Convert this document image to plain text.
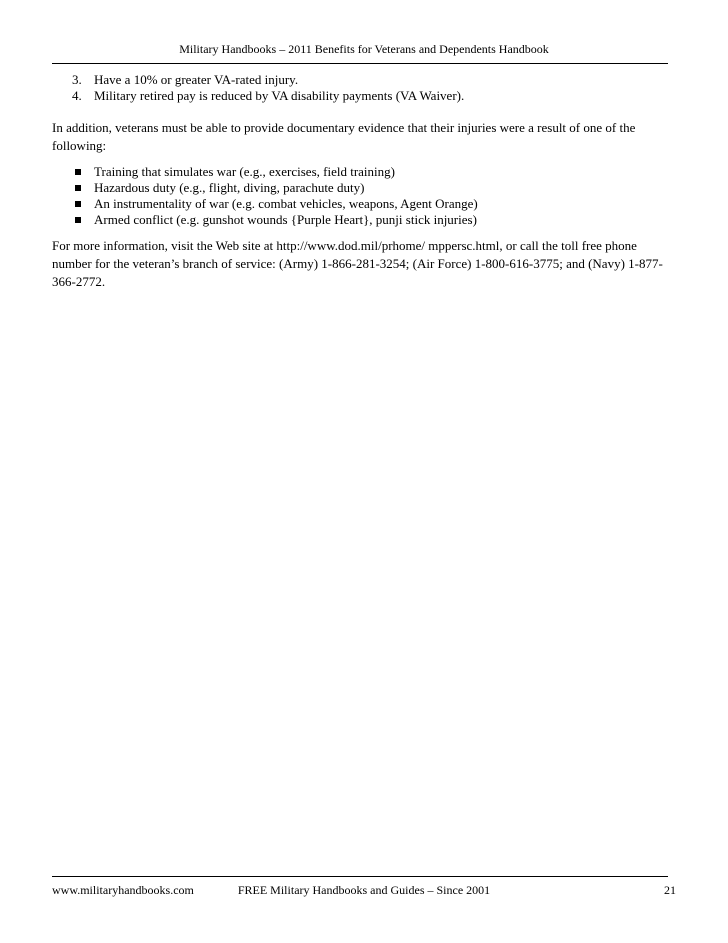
Military Handbooks – 2011 Benefits for Veterans and Dependents Handbook
3. Have a 10% or greater VA-rated injury.
4. Military retired pay is reduced by VA disability payments (VA Waiver).

In addition, veterans must be able to provide documentary evidence that their injuries were a result of one of the following:

Training that simulates war (e.g., exercises, field training)
Hazardous duty (e.g., flight, diving, parachute duty)
An instrumentality of war (e.g. combat vehicles, weapons, Agent Orange)
Armed conflict (e.g. gunshot wounds {Purple Heart}, punji stick injuries)

For more information, visit the Web site at http://www.dod.mil/prhome/ mppersc.html, or call the toll free phone number for the veteran’s branch of service: (Army) 1-866-281-3254; (Air Force) 1-800-616-3775; and (Navy) 1-877-366-2772.

FREE Military Handbooks and Guides – Since 2001
www.militaryhandbooks.com	21
